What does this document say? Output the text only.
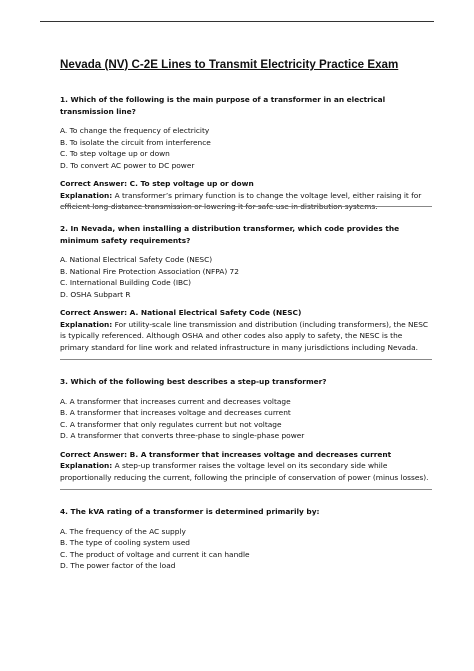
Nevada (NV) C-2E Lines to Transmit Electricity Practice Exam
1. Which of the following is the main purpose of a transformer in an electrical transmission line?
A. To change the frequency of electricity
B. To isolate the circuit from interference
C. To step voltage up or down
D. To convert AC power to DC power
Correct Answer: C. To step voltage up or down
Explanation: A transformer’s primary function is to change the voltage level, either raising it for efficient long-distance transmission or lowering it for safe use in distribution systems.
2. In Nevada, when installing a distribution transformer, which code provides the minimum safety requirements?
A. National Electrical Safety Code (NESC)
B. National Fire Protection Association (NFPA) 72
C. International Building Code (IBC)
D. OSHA Subpart R
Correct Answer: A. National Electrical Safety Code (NESC)
Explanation: For utility-scale line transmission and distribution (including transformers), the NESC is typically referenced. Although OSHA and other codes also apply to safety, the NESC is the primary standard for line work and related infrastructure in many jurisdictions including Nevada.
3. Which of the following best describes a step-up transformer?
A. A transformer that increases current and decreases voltage
B. A transformer that increases voltage and decreases current
C. A transformer that only regulates current but not voltage
D. A transformer that converts three-phase to single-phase power
Correct Answer: B. A transformer that increases voltage and decreases current
Explanation: A step-up transformer raises the voltage level on its secondary side while proportionally reducing the current, following the principle of conservation of power (minus losses).
4. The kVA rating of a transformer is determined primarily by:
A. The frequency of the AC supply
B. The type of cooling system used
C. The product of voltage and current it can handle
D. The power factor of the load
